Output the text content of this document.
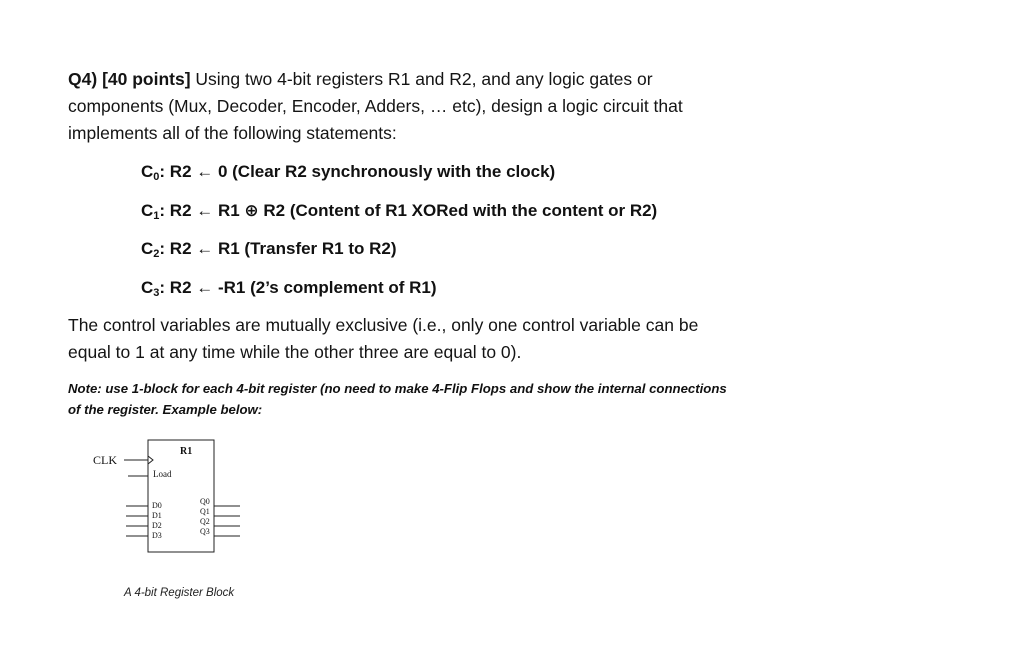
Q4) [40 points] Using two 4-bit registers R1 and R2, and any logic gates or
components (Mux, Decoder, Encoder, Adders, … etc), design a logic circuit that
implements all of the following statements:
$C_0$: R2 ← 0 (Clear R2 synchronously with the clock)
$C_1$: R2 ← R1 ⊕ R2 (Content of R1 XORed with the content or R2)
$C_2$: R2 ← R1 (Transfer R1 to R2)
$C_3$: R2 ← -R1 (2’s complement of R1)
The control variables are mutually exclusive (i.e., only one control variable can be
equal to 1 at any time while the other three are equal to 0).
Note: use 1-block for each 4-bit register (no need to make 4-Flip Flops and show the internal connections
of the register. Example below:
R1
CLK
Load
D0
D1
D2
D3
Q0
Q1
Q2
Q3
A 4-bit Register Block
